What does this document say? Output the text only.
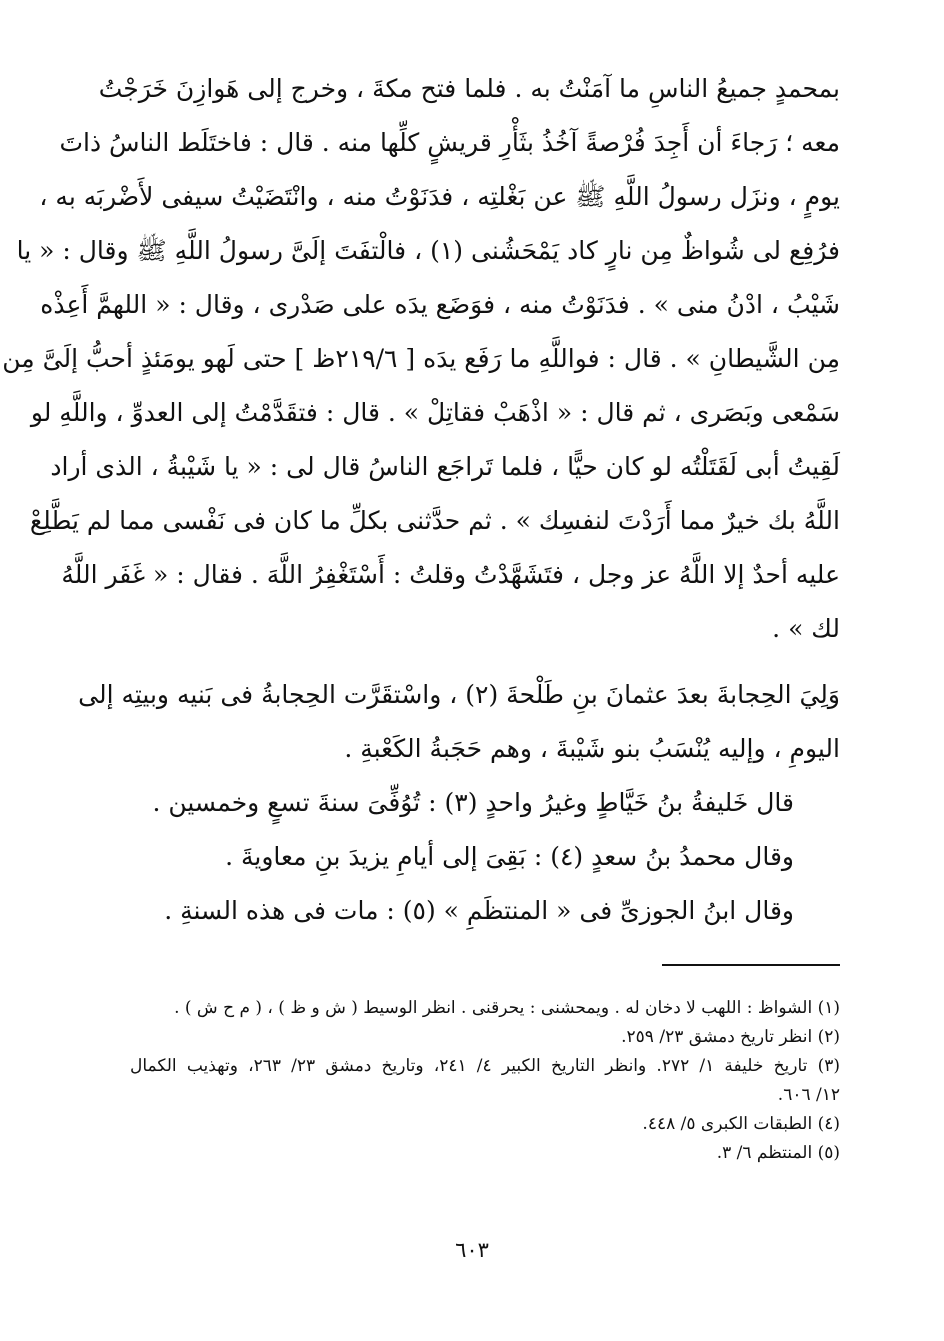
بمحمدٍ جميعُ الناسِ ما آمَنْتُ به . فلما فتح مكةَ ، وخرج إلى هَوازِنَ خَرَجْتُ
معه ؛ رَجاءَ أن أَجِدَ فُرْصةً آخُذُ بثَأْرِ قريشٍ كلِّها منه . قال : فاختَلَط الناسُ ذاتَ
يومٍ ، ونزَل رسولُ اللَّهِ ﷺ عن بَغْلتِه ، فدَنَوْتُ منه ، وانْتَضَيْتُ سيفى لأَضْربَه به ،
فرُفِع لى شُواظٌ مِن نارٍ كاد يَمْحَشُنى (١) ، فالْتفَتَ إلَىَّ رسولُ اللَّهِ ﷺ وقال : « يا
شَيْبُ ، ادْنُ منى » . فدَنَوْتُ منه ، فوَضَع يدَه على صَدْرى ، وقال : « اللهمَّ أَعِذْه
مِن الشَّيطانِ » . قال : فواللَّهِ ما رَفَع يدَه [ ٢١٩/٦ظ ] حتى لَهو يومَئذٍ أحبُّ إلَىَّ مِن
سَمْعى وبَصَرى ، ثم قال : « اذْهَبْ فقاتِلْ » . قال : فتقَدَّمْتُ إلى العدوِّ ، واللَّهِ لو
لَقِيتُ أبى لَقَتَلْتُه لو كان حيًّا ، فلما تَراجَع الناسُ قال لى : « يا شَيْبةُ ، الذى أراد
اللَّهُ بك خيرٌ مما أَرَدْتَ لنفسِك » . ثم حدَّثنى بكلِّ ما كان فى نَفْسى مما لم يَطَّلِعْ
عليه أحدٌ إلا اللَّهُ عز وجل ، فتَشَهَّدْتُ وقلتُ : أَسْتَغْفِرُ اللَّهَ . فقال : « غَفَر اللَّهُ
لك » .
وَلِيَ الحِجابةَ بعدَ عثمانَ بنِ طَلْحةَ (٢) ، واسْتقَرَّت الحِجابةُ فى بَنيه وبيتِه إلى
اليومِ ، وإليه يُنْسَبُ بنو شَيْبةَ ، وهم حَجَبةُ الكَعْبةِ .
قال خَليفةُ بنُ خَيَّاطٍ وغيرُ واحدٍ (٣) : تُوُفِّىَ سنةَ تسعٍ وخمسين .
وقال محمدُ بنُ سعدٍ (٤) : بَقِىَ إلى أيامِ يزيدَ بنِ معاويةَ .
وقال ابنُ الجوزىِّ فى « المنتظَمِ » (٥) : مات فى هذه السنةِ .
(١) الشواظ : اللهب لا دخان له . ويمحشنى : يحرقنى . انظر الوسيط ( ش و ظ ) ، ( م ح ش ) .
(٢) انظر تاريخ دمشق ٢٣/ ٢٥٩.
(٣) تاريخ خليفة ١/ ٢٧٢. وانظر التاريخ الكبير ٤/ ٢٤١، وتاريخ دمشق ٢٣/ ٢٦٣، وتهذيب الكمال
١٢/ ٦٠٦.
(٤) الطبقات الكبرى ٥/ ٤٤٨.
(٥) المنتظم ٦/ ٣.
٦٠٣
